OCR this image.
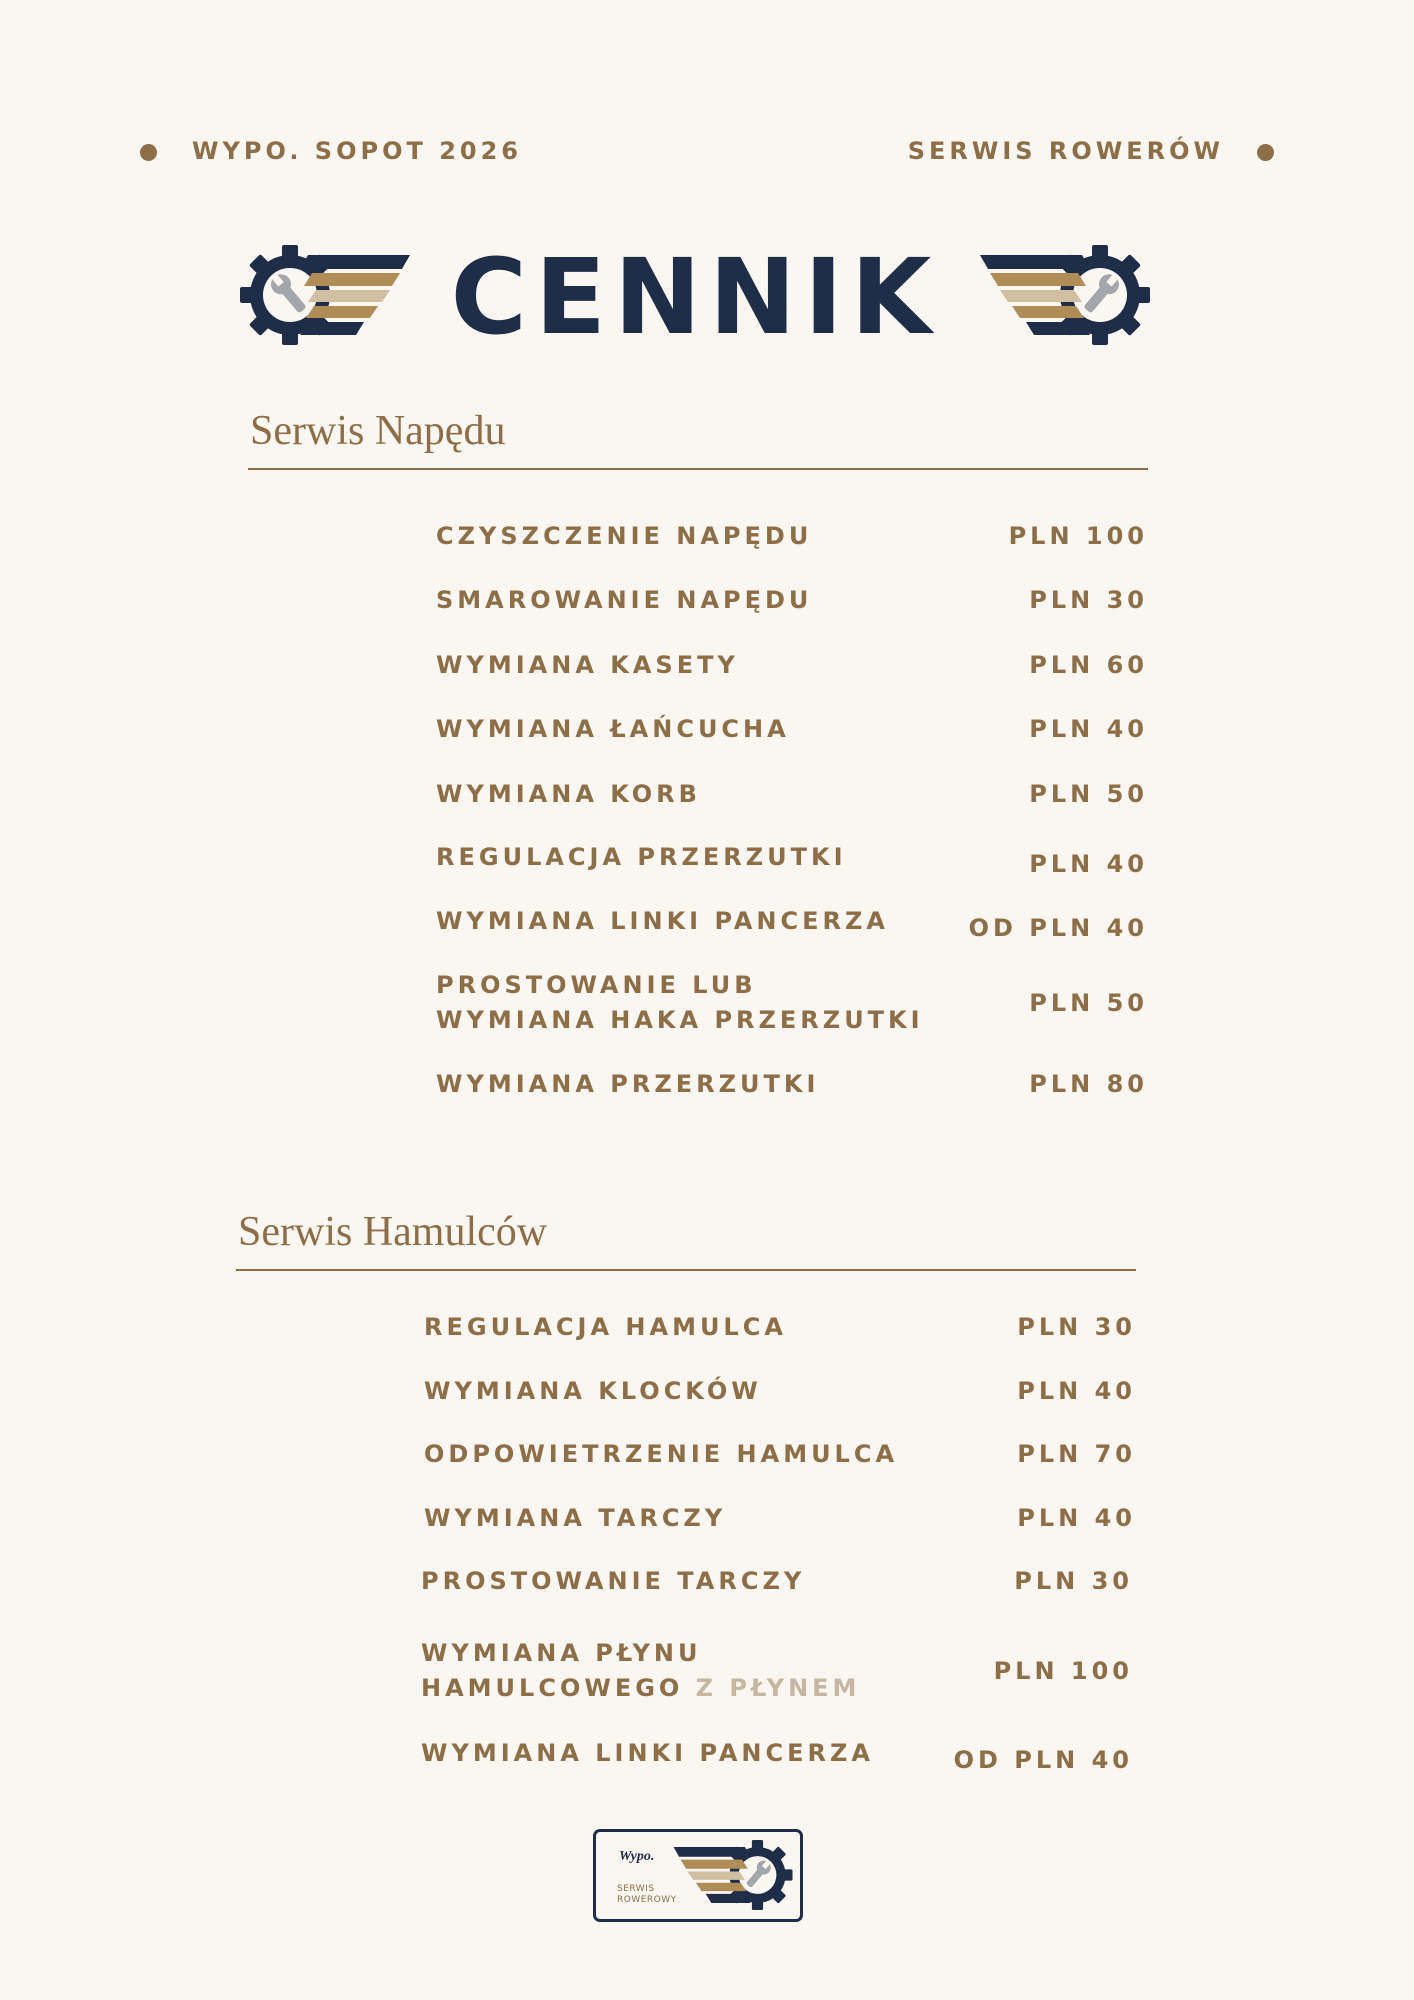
WYPO. SOPOT 2026	SERWIS ROWERÓW
CENNIK
Serwis Napędu
CZYSZCZENIE NAPĘDU	PLN 100
SMAROWANIE NAPĘDU	PLN 30
WYMIANA KASETY	PLN 60
WYMIANA ŁAŃCUCHA	PLN 40
WYMIANA KORB	PLN 50
REGULACJA PRZERZUTKI	PLN 40
WYMIANA LINKI PANCERZA	OD PLN 40
PROSTOWANIE LUB
WYMIANA HAKA PRZERZUTKI
PLN 50
WYMIANA PRZERZUTKI	PLN 80
Serwis Hamulców
REGULACJA HAMULCA	PLN 30
WYMIANA KLOCKÓW	PLN 40
ODPOWIETRZENIE HAMULCA	PLN 70
WYMIANA TARCZY	PLN 40
PROSTOWANIE TARCZY	PLN 30
WYMIANA PŁYNU
HAMULCOWEGO Z PŁYNEM
PLN 100
WYMIANA LINKI PANCERZA	OD PLN 40
Wypo.
SERWIS
ROWEROWY
